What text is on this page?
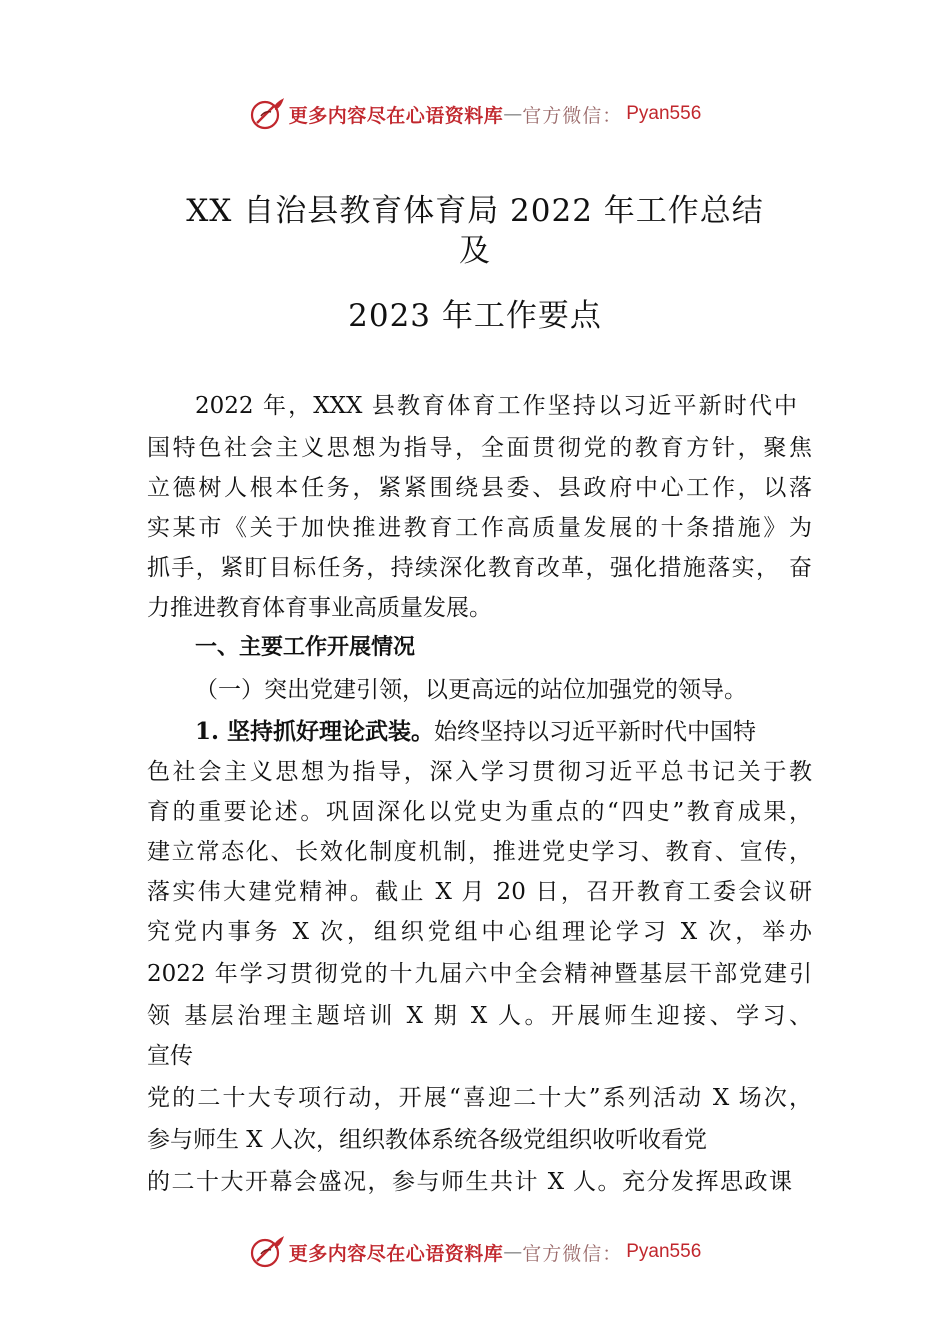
更多内容尽在心语资料库 — 官方微信： Pyan556
XX 自治县教育体育局 2022 年工作总结
及
2023 年工作要点
2022 年，XXX 县教育体育工作坚持以习近平新时代中
国特色社会主义思想为指导，全面贯彻党的教育方针，聚焦
立德树人根本任务，紧紧围绕县委、县政府中心工作，以落
实某市《关于加快推进教育工作高质量发展的十条措施》为
抓手，紧盯目标任务，持续深化教育改革，强化措施落实， 奋
力推进教育体育事业高质量发展。
一、主要工作开展情况
（一）突出党建引领，以更高远的站位加强党的领导。
1. 坚持抓好理论武装。始终坚持以习近平新时代中国特
色社会主义思想为指导，深入学习贯彻习近平总书记关于教
育的重要论述。巩固深化以党史为重点的“四史”教育成果，
建立常态化、长效化制度机制，推进党史学习、教育、宣传，
落实伟大建党精神。截止 X 月 20 日，召开教育工委会议研
究党内事务 X 次，组织党组中心组理论学习 X 次，举办
2022 年学习贯彻党的十九届六中全会精神暨基层干部党建引
领 基层治理主题培训 X 期 X 人。开展师生迎接、学习、
宣传
党的二十大专项行动，开展“喜迎二十大”系列活动 X 场次，
参与师生 X 人次，组织教体系统各级党组织收听收看党
的二十大开幕会盛况，参与师生共计 X 人。充分发挥思政课
更多内容尽在心语资料库 — 官方微信： Pyan556
